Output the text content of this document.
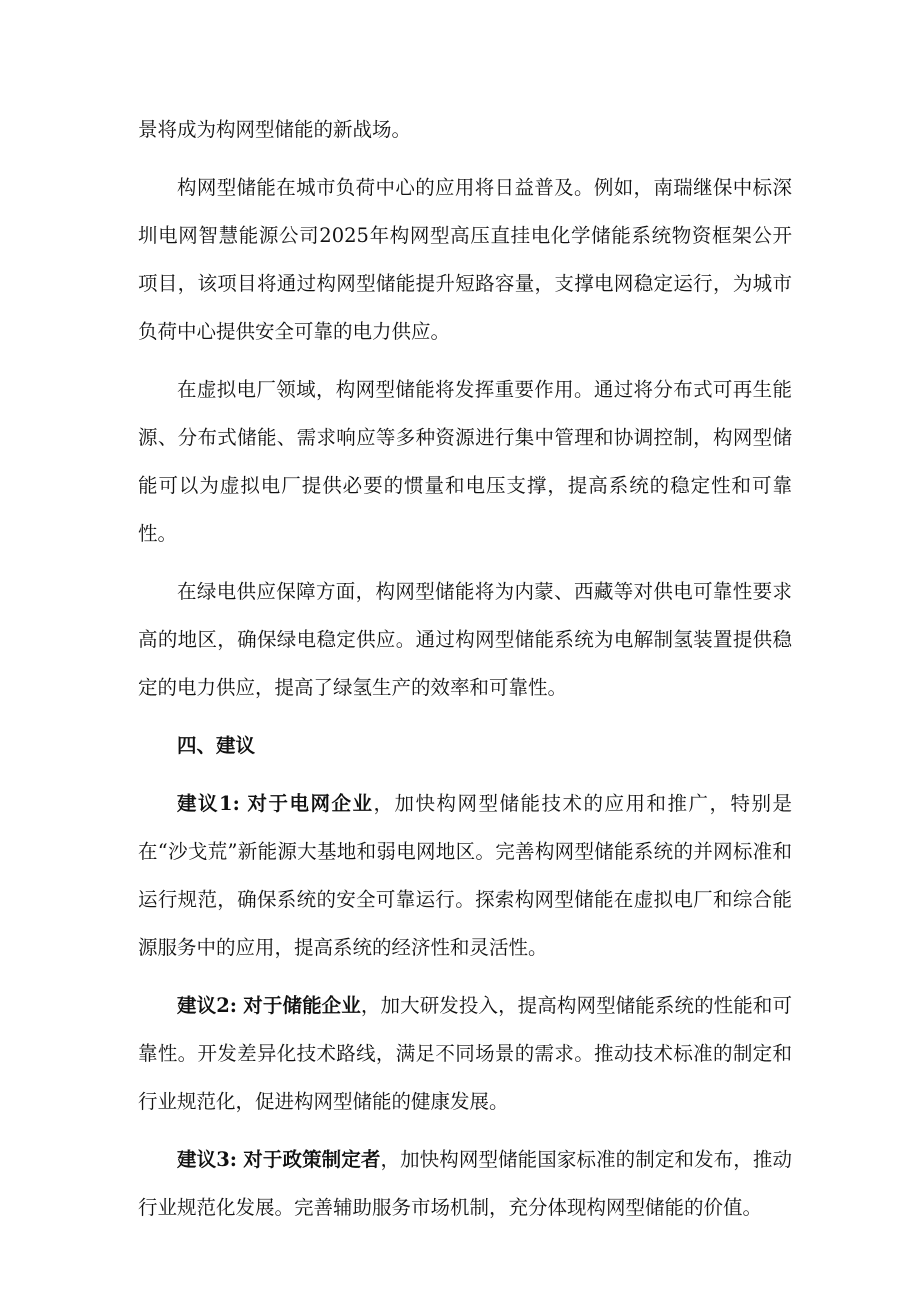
景将成为构网型储能的新战场。

构网型储能在城市负荷中心的应用将日益普及。例如，南瑞继保中标深圳电网智慧能源公司2025年构网型高压直挂电化学储能系统物资框架公开项目，该项目将通过构网型储能提升短路容量，支撑电网稳定运行，为城市负荷中心提供安全可靠的电力供应。

在虚拟电厂领域，构网型储能将发挥重要作用。通过将分布式可再生能源、分布式储能、需求响应等多种资源进行集中管理和协调控制，构网型储能可以为虚拟电厂提供必要的惯量和电压支撑，提高系统的稳定性和可靠性。

在绿电供应保障方面，构网型储能将为内蒙、西藏等对供电可靠性要求高的地区，确保绿电稳定供应。通过构网型储能系统为电解制氢装置提供稳定的电力供应，提高了绿氢生产的效率和可靠性。

四、建议

建议1: 对于电网企业，加快构网型储能技术的应用和推广，特别是在“沙戈荒”新能源大基地和弱电网地区。完善构网型储能系统的并网标准和运行规范，确保系统的安全可靠运行。探索构网型储能在虚拟电厂和综合能源服务中的应用，提高系统的经济性和灵活性。

建议2: 对于储能企业，加大研发投入，提高构网型储能系统的性能和可靠性。开发差异化技术路线，满足不同场景的需求。推动技术标准的制定和行业规范化，促进构网型储能的健康发展。

建议3: 对于政策制定者，加快构网型储能国家标准的制定和发布，推动行业规范化发展。完善辅助服务市场机制，充分体现构网型储能的价值。
